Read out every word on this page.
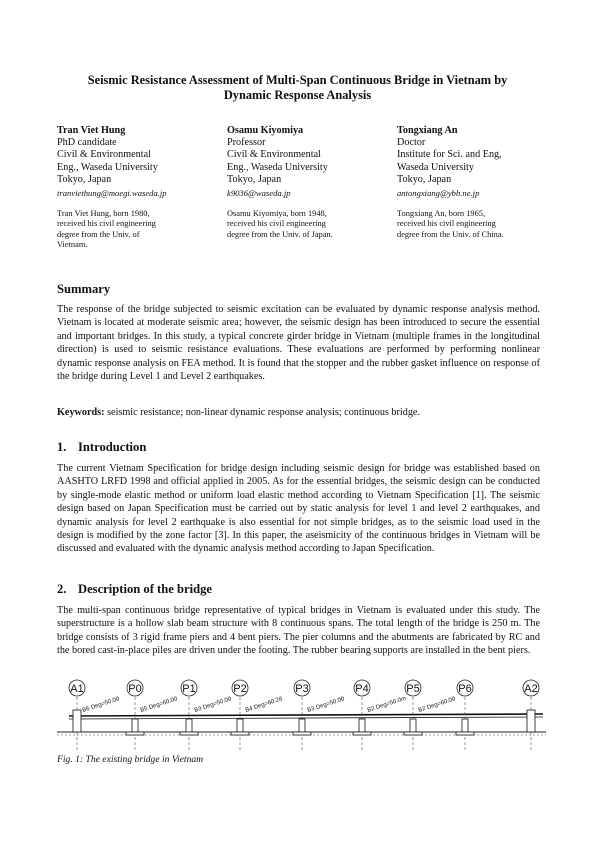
Seismic Resistance Assessment of Multi-Span Continuous Bridge in Vietnam by
Dynamic Response Analysis
Tran Viet Hung
PhD candidate
Civil & Environmental
Eng., Waseda University
Tokyo, Japan
tranviethung@moegi.waseda.jp
Tran Viet Hung, born 1980,
received his civil engineering
degree from the Univ. of
Vietnam.
Osamu Kiyomiya
Professor
Civil & Environmental
Eng., Waseda University
Tokyo, Japan
k9036@waseda.jp
Osamu Kiyomiya, born 1948,
received his civil engineering
degree from the Univ. of Japan.
Tongxiang An
Doctor
Institute for Sci. and Eng,
Waseda University
Tokyo, Japan
antongxiang@ybb.ne.jp
Tongxiang An, born 1965,
received his civil engineering
degree from the Univ. of China.
Summary

The response of the bridge subjected to seismic excitation can be evaluated by dynamic response analysis method. Vietnam is located at moderate seismic area; however, the seismic design has been introduced to secure the essential and important bridges. In this study, a typical concrete girder bridge in Vietnam (multiple frames in the longitudinal direction) is used to seismic resistance evaluations. These evaluations are performed by performing nonlinear dynamic response analysis on FEA method. It is found that the stopper and the rubber gasket influence on response of the bridge during Level 1 and Level 2 earthquakes.

Keywords: seismic resistance; non-linear dynamic response analysis; continuous bridge.

1. Introduction

The current Vietnam Specification for bridge design including seismic design for bridge was established based on AASHTO LRFD 1998 and official applied in 2005. As for the essential bridges, the seismic design can be conducted by single-mode elastic method or uniform load elastic method according to Vietnam Specification [1]. The seismic design based on Japan Specification must be carried out by static analysis for level 1 and level 2 earthquakes, and dynamic analysis for level 2 earthquake is also essential for not simple bridges, as to the seismic load used in the design is modified by the zone factor [3]. In this paper, the aseismicity of the continuous bridges in Vietnam will be discussed and evaluated with the dynamic analysis method according to Japan Specification.

2. Description of the bridge

The multi-span continuous bridge representative of typical bridges in Vietnam is evaluated under this study. The superstructure is a hollow slab beam structure with 8 continuous spans. The total length of the bridge is 250 m. The bridge consists of 3 rigid frame piers and 4 bent piers. The pier columns and the abutments are fabricated by RC and the bored cast-in-place piles are driven under the footing. The rubber bearing supports are installed in the bent piers.

A1	P0	P1	P2	P3	P4	P5	P6	A2
B6 Deg=50.00	B5 Deg=60.00	B3 Deg=50.00 B4 Deg=60.28	B3 Deg=50.00	B2 Deg=50.0m B2 Deg=60.00
Fig. 1: The existing bridge in Vietnam
